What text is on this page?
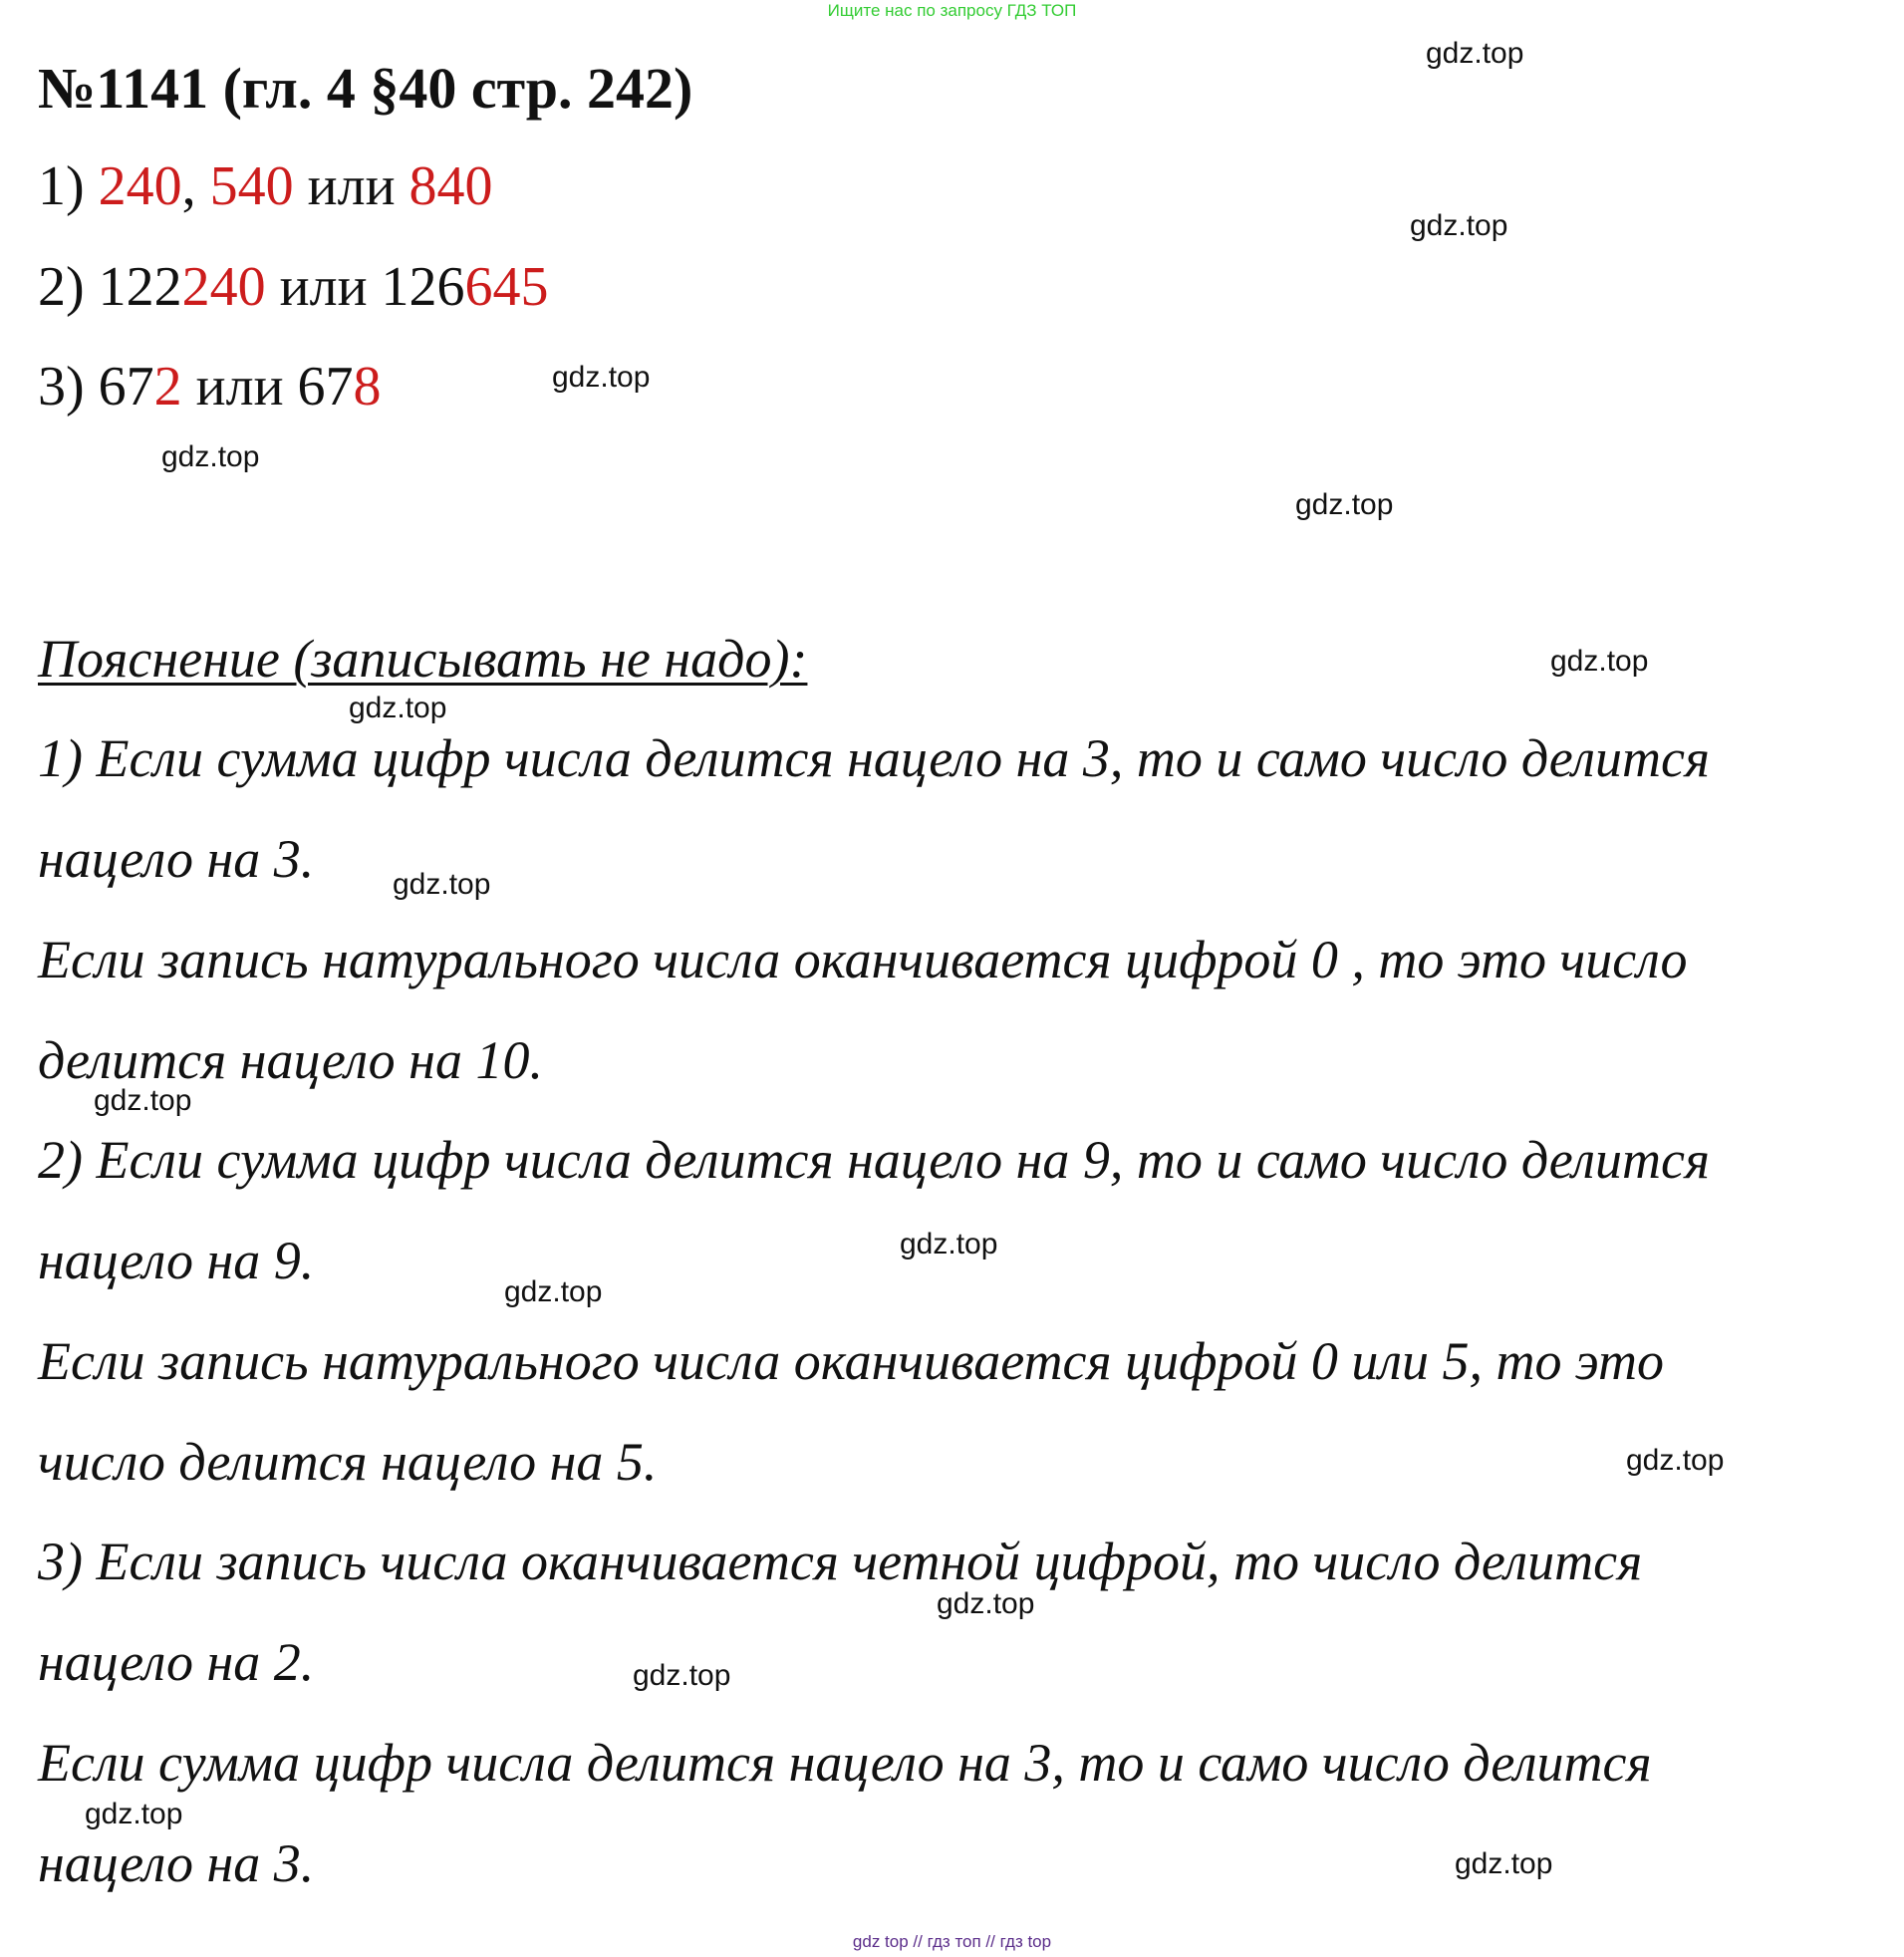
Ищите нас по запросу ГДЗ ТОП
№1141 (гл. 4 §40 стр. 242)
1) 240, 540 или 840
2) 122240 или 126645
3) 672 или 678
Пояснение (записывать не надо):
1) Если сумма цифр числа делится нацело на 3, то и само число делится
нацело на 3.
Если запись натурального числа оканчивается цифрой 0 , то это число
делится нацело на 10.
2) Если сумма цифр числа делится нацело на 9, то и само число делится
нацело на 9.
Если запись натурального числа оканчивается цифрой 0 или 5, то это
число делится нацело на 5.
3) Если запись числа оканчивается четной цифрой, то число делится
нацело на 2.
Если сумма цифр числа делится нацело на 3, то и само число делится
нацело на 3.
gdz.top
gdz.top
gdz.top
gdz.top
gdz.top
gdz.top
gdz.top
gdz.top
gdz.top
gdz.top
gdz.top
gdz.top
gdz.top
gdz.top
gdz.top
gdz.top
gdz top // гдз топ // гдз top
